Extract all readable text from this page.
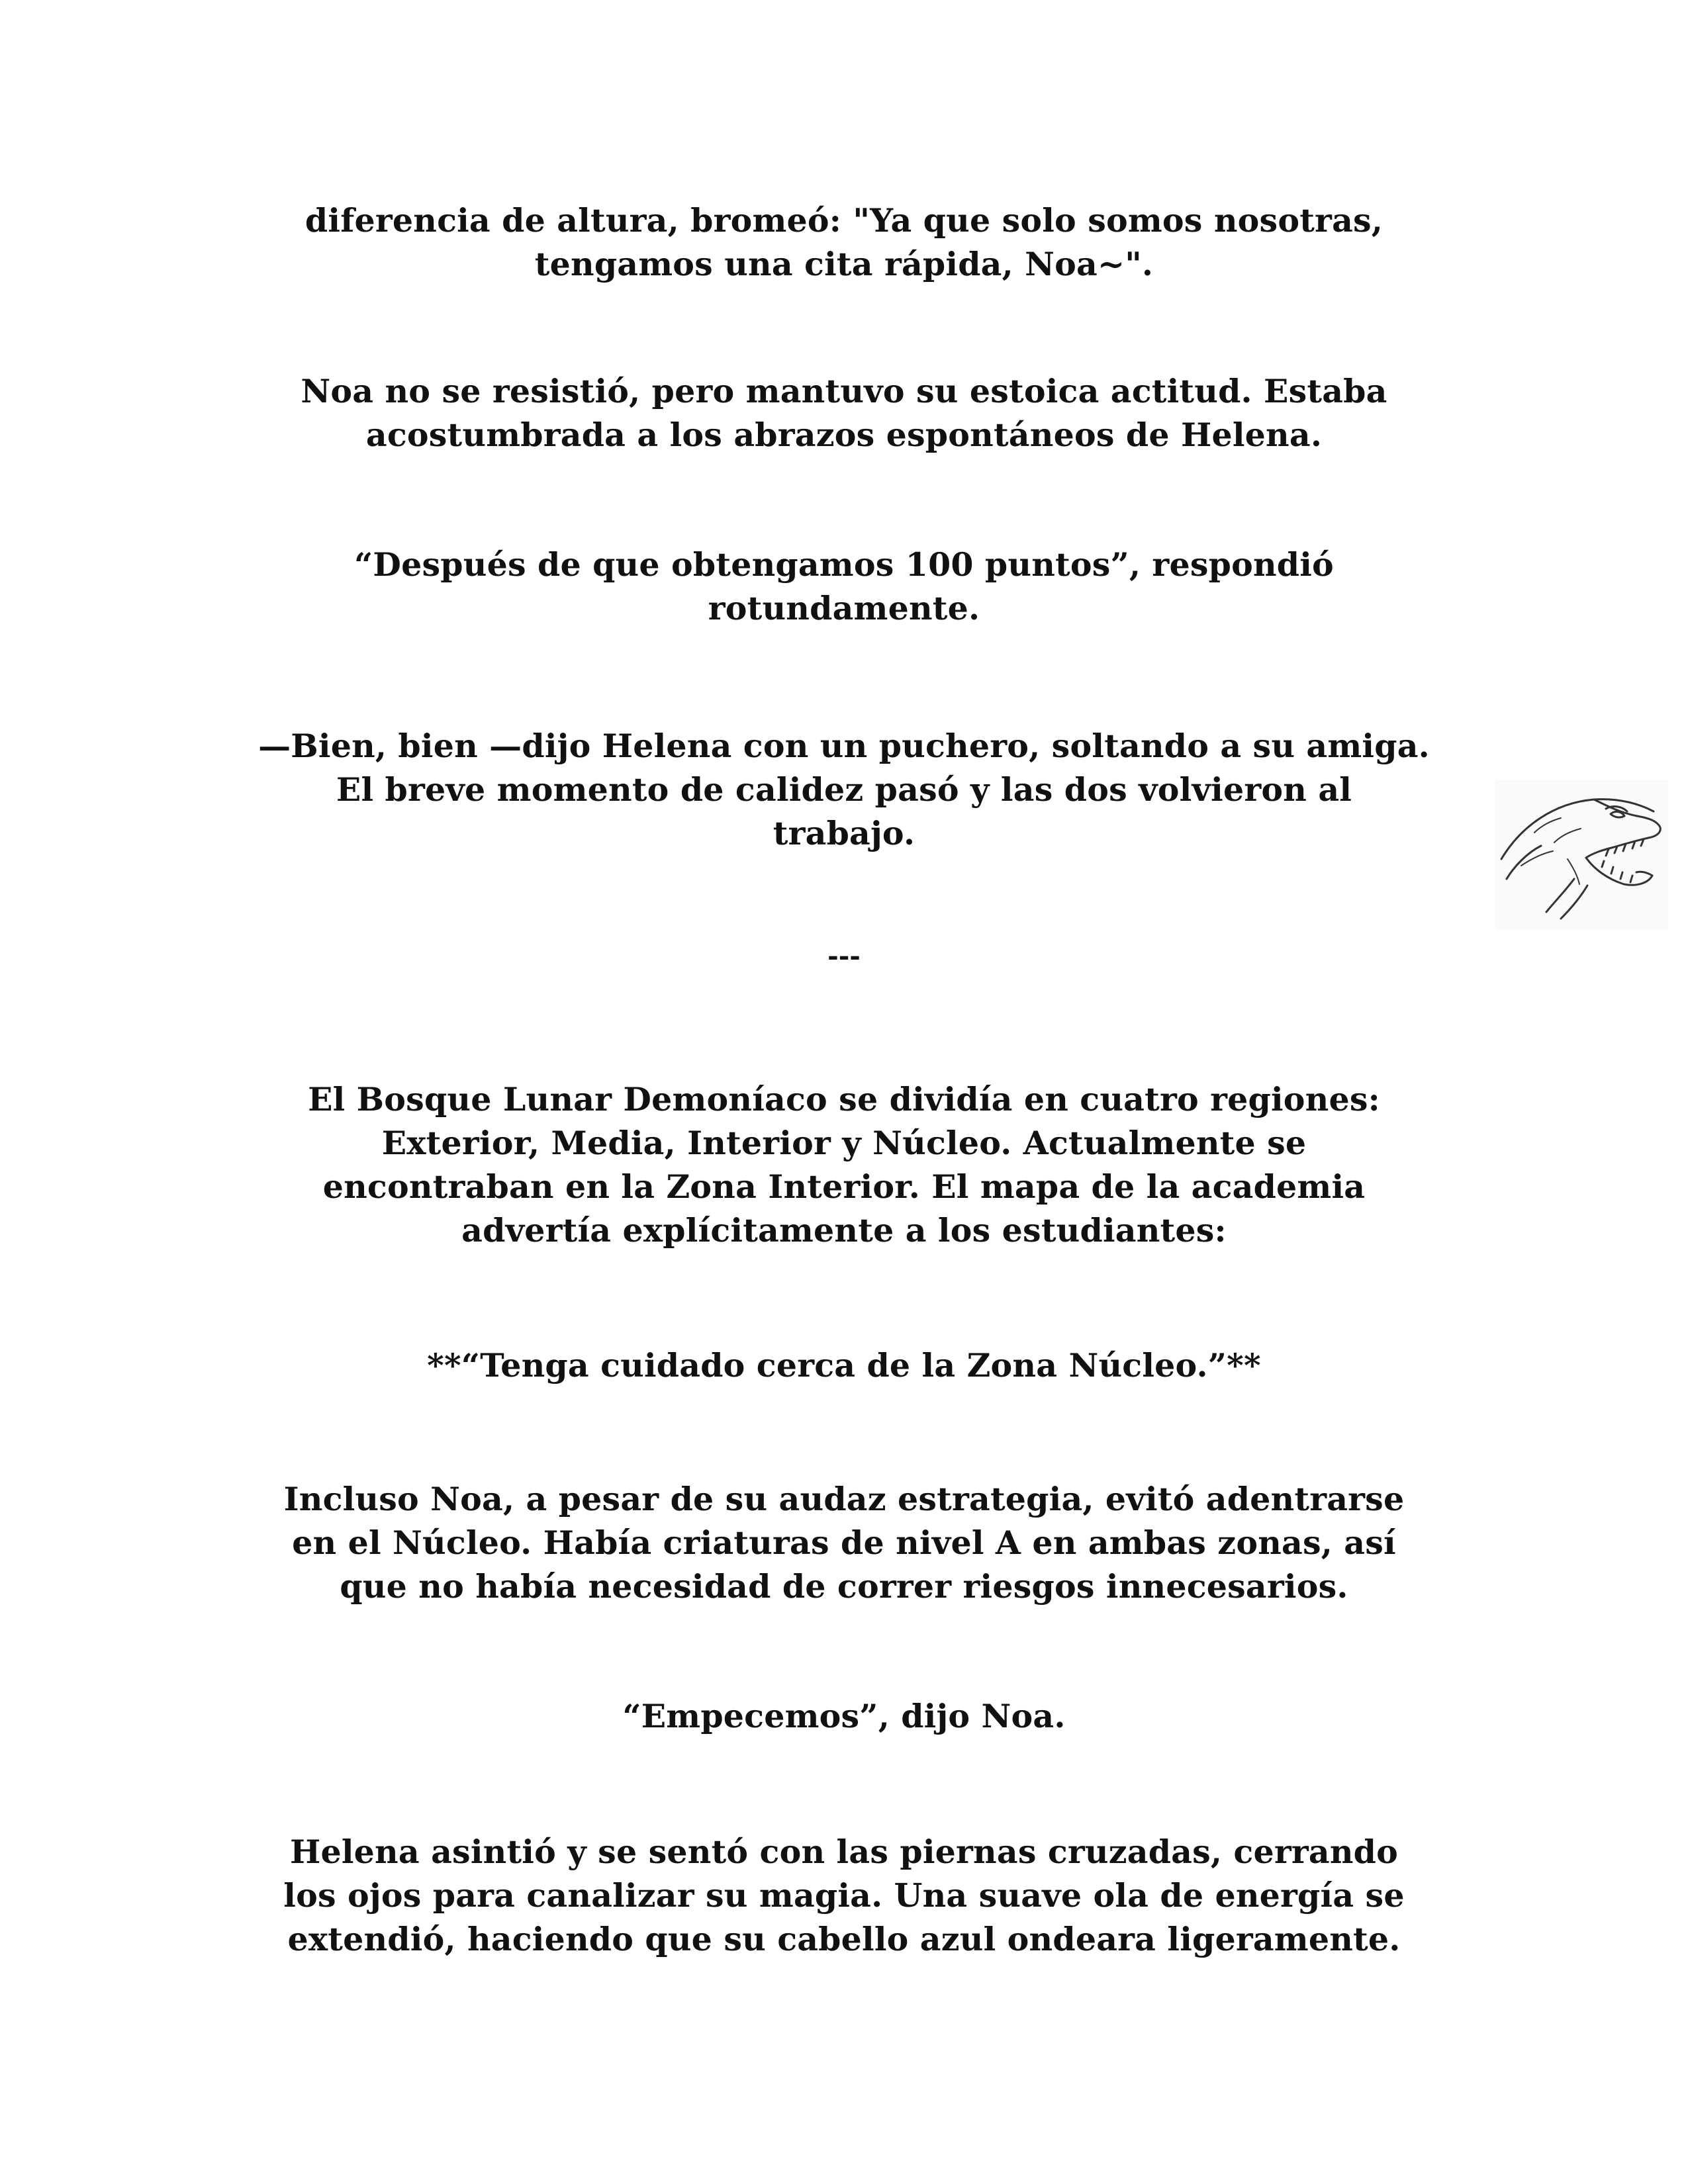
diferencia de altura, bromeó: "Ya que solo somos nosotras,
tengamos una cita rápida, Noa~".

Noa no se resistió, pero mantuvo su estoica actitud. Estaba
acostumbrada a los abrazos espontáneos de Helena.

“Después de que obtengamos 100 puntos”, respondió
rotundamente.

—Bien, bien —dijo Helena con un puchero, soltando a su amiga.
El breve momento de calidez pasó y las dos volvieron al
trabajo.

---

El Bosque Lunar Demoníaco se dividía en cuatro regiones:
Exterior, Media, Interior y Núcleo. Actualmente se
encontraban en la Zona Interior. El mapa de la academia
advertía explícitamente a los estudiantes:

**“Tenga cuidado cerca de la Zona Núcleo.”**

Incluso Noa, a pesar de su audaz estrategia, evitó adentrarse
en el Núcleo. Había criaturas de nivel A en ambas zonas, así
que no había necesidad de correr riesgos innecesarios.

“Empecemos”, dijo Noa.

Helena asintió y se sentó con las piernas cruzadas, cerrando
los ojos para canalizar su magia. Una suave ola de energía se
extendió, haciendo que su cabello azul ondeara ligeramente.
